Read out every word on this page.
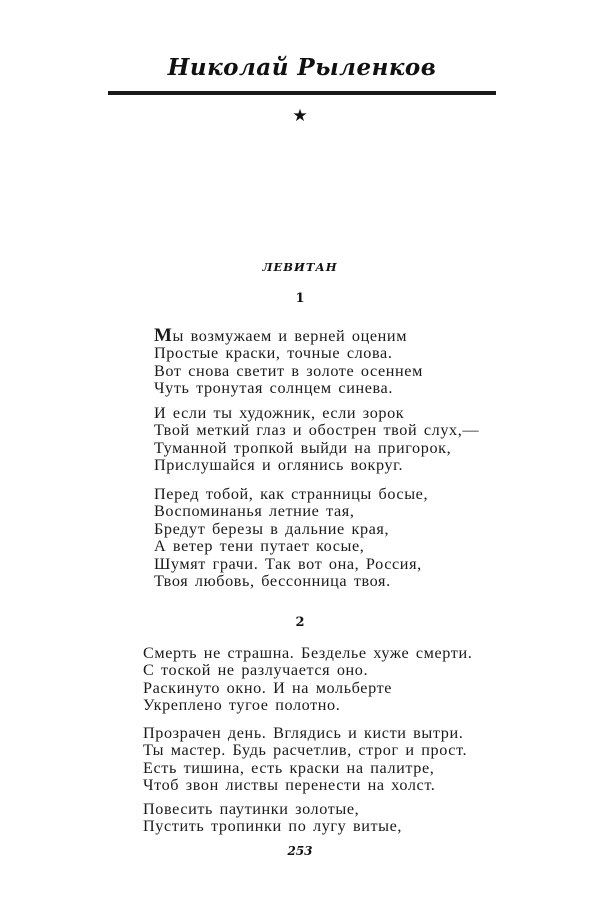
Николай Рыленков
★
ЛЕВИТАН
1
Мы возмужаем и верней оценим
Простые краски, точные слова.
Вот снова светит в золоте осеннем
Чуть тронутая солнцем синева.
И если ты художник, если зорок
Твой меткий глаз и обострен твой слух,—
Туманной тропкой выйди на пригорок,
Прислушайся и оглянись вокруг.
Перед тобой, как странницы босые,
Воспоминанья летние тая,
Бредут березы в дальние края,
А ветер тени путает косые,
Шумят грачи. Так вот она, Россия,
Твоя любовь, бессонница твоя.
2
Смерть не страшна. Безделье хуже смерти.
С тоской не разлучается оно.
Раскинуто окно. И на мольберте
Укреплено тугое полотно.
Прозрачен день. Вглядись и кисти вытри.
Ты мастер. Будь расчетлив, строг и прост.
Есть тишина, есть краски на палитре,
Чтоб звон листвы перенести на холст.
Повесить паутинки золотые,
Пустить тропинки по лугу витые,
253
